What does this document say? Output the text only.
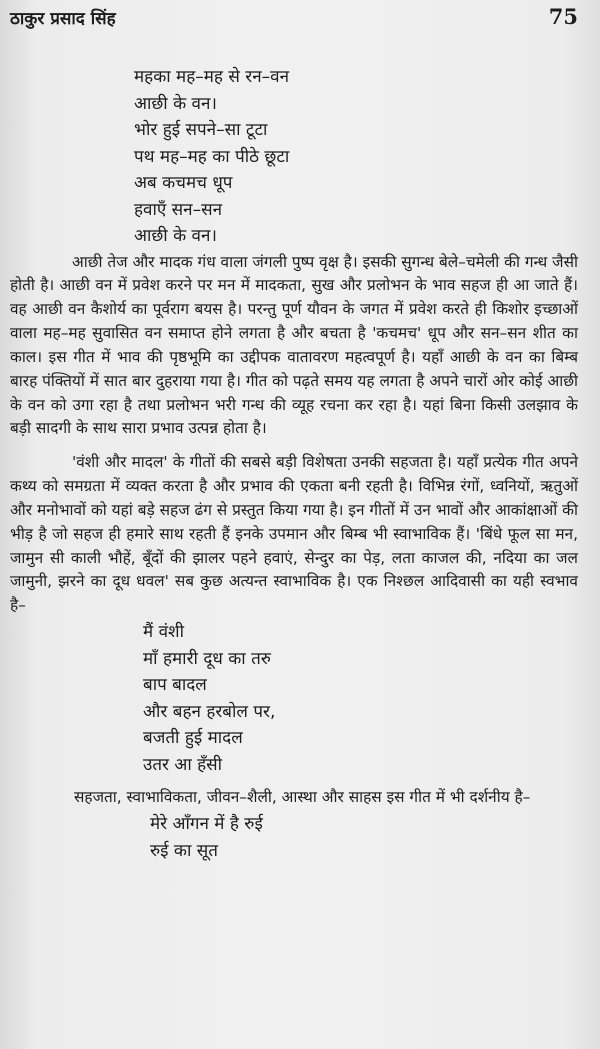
ठाकुर प्रसाद सिंह	75
महका मह–मह से रन–वन
आछी के वन।
भोर हुई सपने–सा टूटा
पथ मह–मह का पीठे छूटा
अब कचमच धूप
हवाएँ सन–सन
आछी के वन।

आछी तेज और मादक गंध वाला जंगली पुष्प वृक्ष है। इसकी सुगन्ध बेले–चमेली की गन्ध जैसी होती है। आछी वन में प्रवेश करने पर मन में मादकता, सुख और प्रलोभन के भाव सहज ही आ जाते हैं। वह आछी वन कैशोर्य का पूर्वराग बयस है। परन्तु पूर्ण यौवन के जगत में प्रवेश करते ही किशोर इच्छाओं वाला मह–मह सुवासित वन समाप्त होने लगता है और बचता है 'कचमच' धूप और सन–सन शीत का काल। इस गीत में भाव की पृष्ठभूमि का उद्दीपक वातावरण महत्वपूर्ण है। यहाँ आछी के वन का बिम्ब बारह पंक्तियों में सात बार दुहराया गया है। गीत को पढ़ते समय यह लगता है अपने चारों ओर कोई आछी के वन को उगा रहा है तथा प्रलोभन भरी गन्ध की व्यूह रचना कर रहा है। यहां बिना किसी उलझाव के बड़ी सादगी के साथ सारा प्रभाव उत्पन्न होता है।

'वंशी और मादल' के गीतों की सबसे बड़ी विशेषता उनकी सहजता है। यहाँ प्रत्येक गीत अपने कथ्य को समग्रता में व्यक्त करता है और प्रभाव की एकता बनी रहती है। विभिन्न रंगों, ध्वनियों, ऋतुओं और मनोभावों को यहां बड़े सहज ढंग से प्रस्तुत किया गया है। इन गीतों में उन भावों और आकांक्षाओं की भीड़ है जो सहज ही हमारे साथ रहती हैं इनके उपमान और बिम्ब भी स्वाभाविक हैं। 'बिंधे फूल सा मन, जामुन सी काली भौहें, बूँदों की झालर पहने हवाएं, सेन्दुर का पेड़, लता काजल की, नदिया का जल जामुनी, झरने का दूध धवल' सब कुछ अत्यन्त स्वाभाविक है। एक निश्छल आदिवासी का यही स्वभाव है–

मैं वंशी
माँ हमारी दूध का तरु
बाप बादल
और बहन हरबोल पर,
बजती हुई मादल
उतर आ हँसी

सहजता, स्वाभाविकता, जीवन–शैली, आस्था और साहस इस गीत में भी दर्शनीय है–

मेरे आँगन में है रुई
रुई का सूत
